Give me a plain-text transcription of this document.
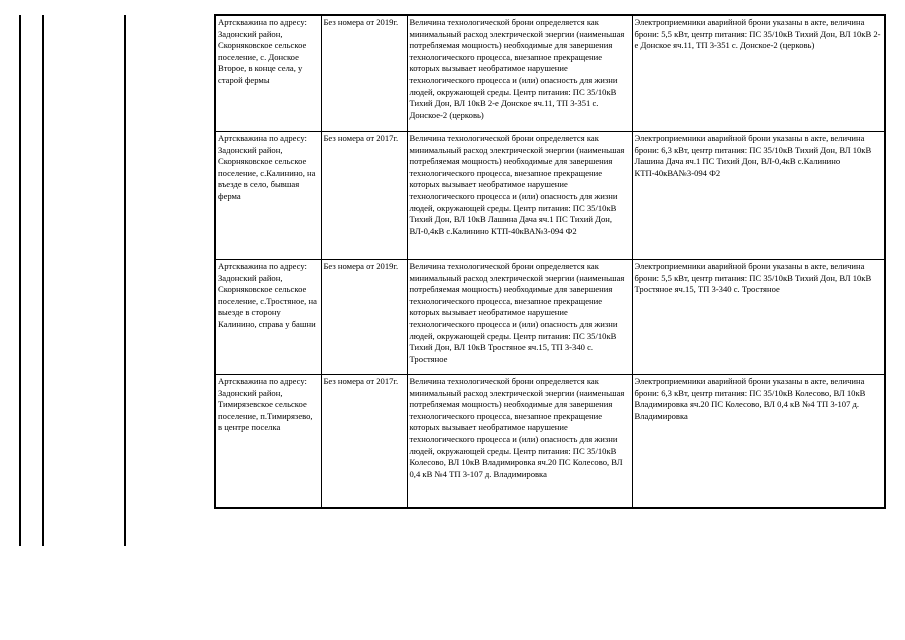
Артскважина по адресу: Задонский район, Скорняковское сельское поселение, с. Донское Второе, в конце села, у старой фермы	Без номера от 2019г.	Величина технологической брони определяется как минимальный расход электрической энергии (наименьшая потребляемая мощность) необходимые для завершения технологического процесса, внезапное прекращение которых вызывает необратимое нарушение технологического процесса и (или) опасность для жизни людей, окружающей среды. Центр питания: ПС 35/10кВ Тихий Дон, ВЛ 10кВ 2-е Донское яч.11, ТП 3-351 с. Донское-2 (церковь)	Электроприемники аварийной брони указаны в акте, величина брони: 5,5 кВт, центр питания: ПС 35/10кВ Тихий Дон, ВЛ 10кВ 2-е Донское яч.11, ТП 3-351 с. Донское-2 (церковь)
Артскважина по адресу: Задонский район, Скорняковское сельское поселение, с.Калинино, на въезде в село, бывшая ферма	Без номера от 2017г.	Величина технологической брони определяется как минимальный расход электрической энергии (наименьшая потребляемая мощность) необходимые для завершения технологического процесса, внезапное прекращение которых вызывает необратимое нарушение технологического процесса и (или) опасность для жизни людей, окружающей среды. Центр питания: ПС 35/10кВ Тихий Дон, ВЛ 10кВ Лашина Дача яч.1 ПС Тихий Дон, ВЛ-0,4кВ с.Калинино КТП-40кВА№3-094 Ф2	Электроприемники аварийной брони указаны в акте, величина брони: 6,3 кВт, центр питания: ПС 35/10кВ Тихий Дон, ВЛ 10кВ Лашина Дача яч.1 ПС Тихий Дон, ВЛ-0,4кВ с.Калинино КТП-40кВА№3-094 Ф2
Артскважина по адресу: Задонский район, Скорняковское сельское поселение, с.Тростяное, на выезде в сторону Калинино, справа у башни	Без номера от 2019г.	Величина технологической брони определяется как минимальный расход электрической энергии (наименьшая потребляемая мощность) необходимые для завершения технологического процесса, внезапное прекращение которых вызывает необратимое нарушение технологического процесса и (или) опасность для жизни людей, окружающей среды. Центр питания: ПС 35/10кВ Тихий Дон, ВЛ 10кВ Тростяное яч.15, ТП 3-340 с. Тростяное	Электроприемники аварийной брони указаны в акте, величина брони: 5,5 кВт, центр питания: ПС 35/10кВ Тихий Дон, ВЛ 10кВ Тростяное яч.15, ТП 3-340 с. Тростяное
Артскважина по адресу: Задонский район, Тимирязевское сельское поселение, п.Тимирязево, в центре поселка	Без номера от 2017г.	Величина технологической брони определяется как минимальный расход электрической энергии (наименьшая потребляемая мощность) необходимые для завершения технологического процесса, внезапное прекращение которых вызывает необратимое нарушение технологического процесса и (или) опасность для жизни людей, окружающей среды. Центр питания: ПС 35/10кВ Колесово, ВЛ 10кВ Владимировка яч.20 ПС Колесово, ВЛ 0,4 кВ №4 ТП 3-107 д. Владимировка	Электроприемники аварийной брони указаны в акте, величина брони: 6,3 кВт, центр питания: ПС 35/10кВ Колесово, ВЛ 10кВ Владимировка яч.20 ПС Колесово, ВЛ 0,4 кВ №4 ТП 3-107 д. Владимировка
